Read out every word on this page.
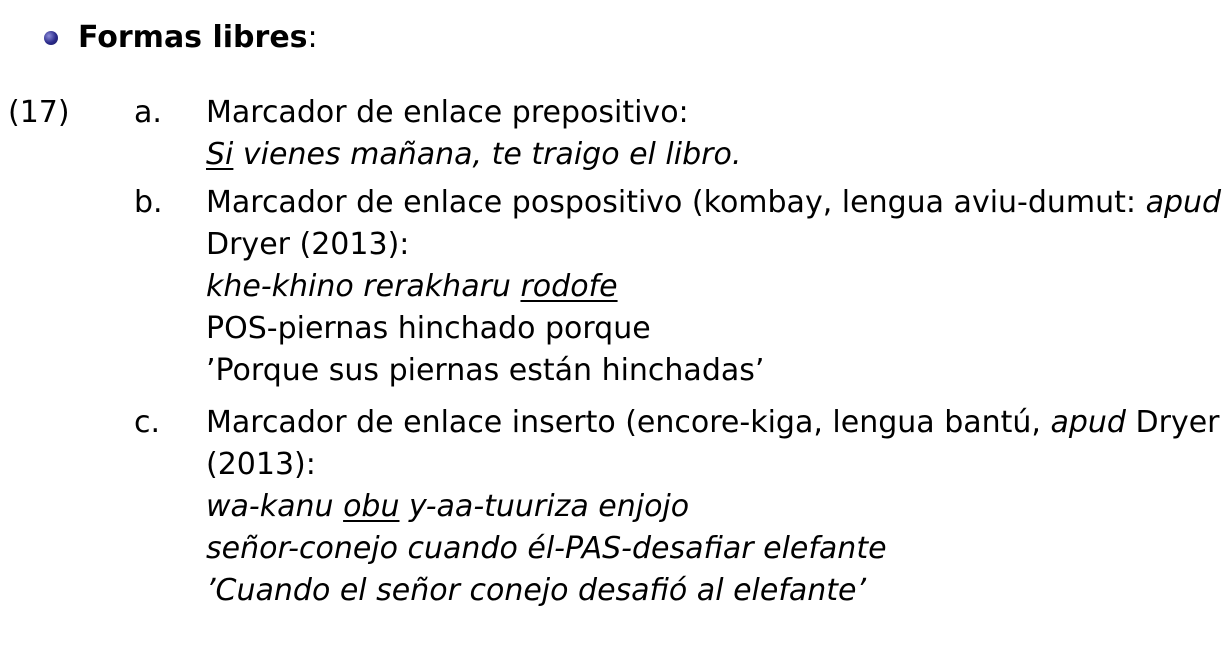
Formas libres :
(17) a. Marcador de enlace prepositivo:
Si vienes mañana, te traigo el libro.
b. Marcador de enlace pospositivo (kombay, lengua aviu-dumut: apud
Dryer (2013):
khe-khino rerakharu rodofe
POS-piernas hinchado porque
’Porque sus piernas están hinchadas’
c. Marcador de enlace inserto (encore-kiga, lengua bantú, apud Dryer
(2013):
wa-kanu obu y-aa-tuuriza enjojo
señor-conejo cuando él-PAS-desafiar elefante
’Cuando el señor conejo desafió al elefante’
